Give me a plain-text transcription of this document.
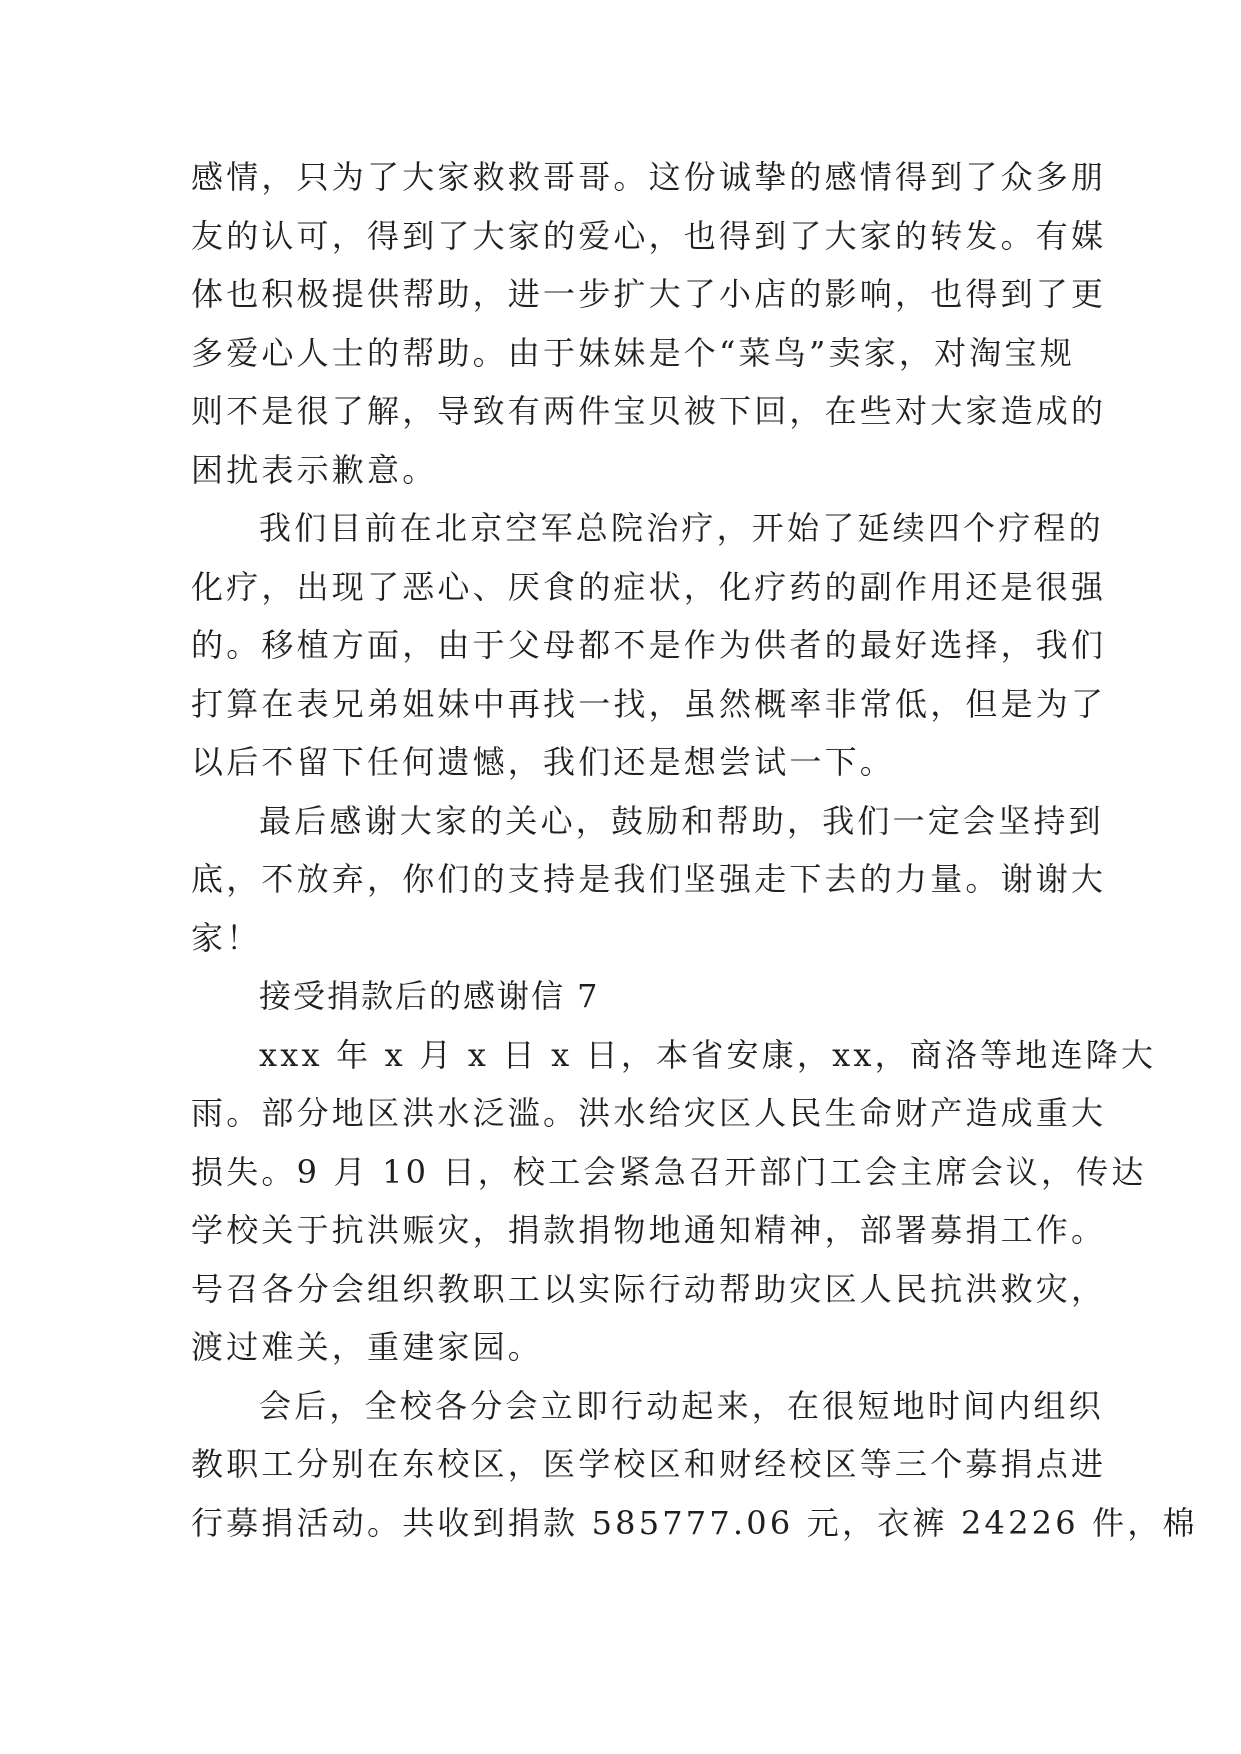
感情，只为了大家救救哥哥。这份诚挚的感情得到了众多朋
友的认可，得到了大家的爱心，也得到了大家的转发。有媒
体也积极提供帮助，进一步扩大了小店的影响，也得到了更
多爱心人士的帮助。由于妹妹是个“菜鸟”卖家，对淘宝规
则不是很了解，导致有两件宝贝被下回，在些对大家造成的
困扰表示歉意。
我们目前在北京空军总院治疗，开始了延续四个疗程的
化疗，出现了恶心、厌食的症状，化疗药的副作用还是很强
的。移植方面，由于父母都不是作为供者的最好选择，我们
打算在表兄弟姐妹中再找一找，虽然概率非常低，但是为了
以后不留下任何遗憾，我们还是想尝试一下。
最后感谢大家的关心，鼓励和帮助，我们一定会坚持到
底，不放弃，你们的支持是我们坚强走下去的力量。谢谢大
家！
接受捐款后的感谢信 7
xxx 年 x 月 x 日 x 日，本省安康，xx，商洛等地连降大
雨。部分地区洪水泛滥。洪水给灾区人民生命财产造成重大
损失。9 月 10 日，校工会紧急召开部门工会主席会议，传达
学校关于抗洪赈灾，捐款捐物地通知精神，部署募捐工作。
号召各分会组织教职工以实际行动帮助灾区人民抗洪救灾，
渡过难关，重建家园。
会后，全校各分会立即行动起来，在很短地时间内组织
教职工分别在东校区，医学校区和财经校区等三个募捐点进
行募捐活动。共收到捐款 585777.06 元，衣裤 24226 件，棉
